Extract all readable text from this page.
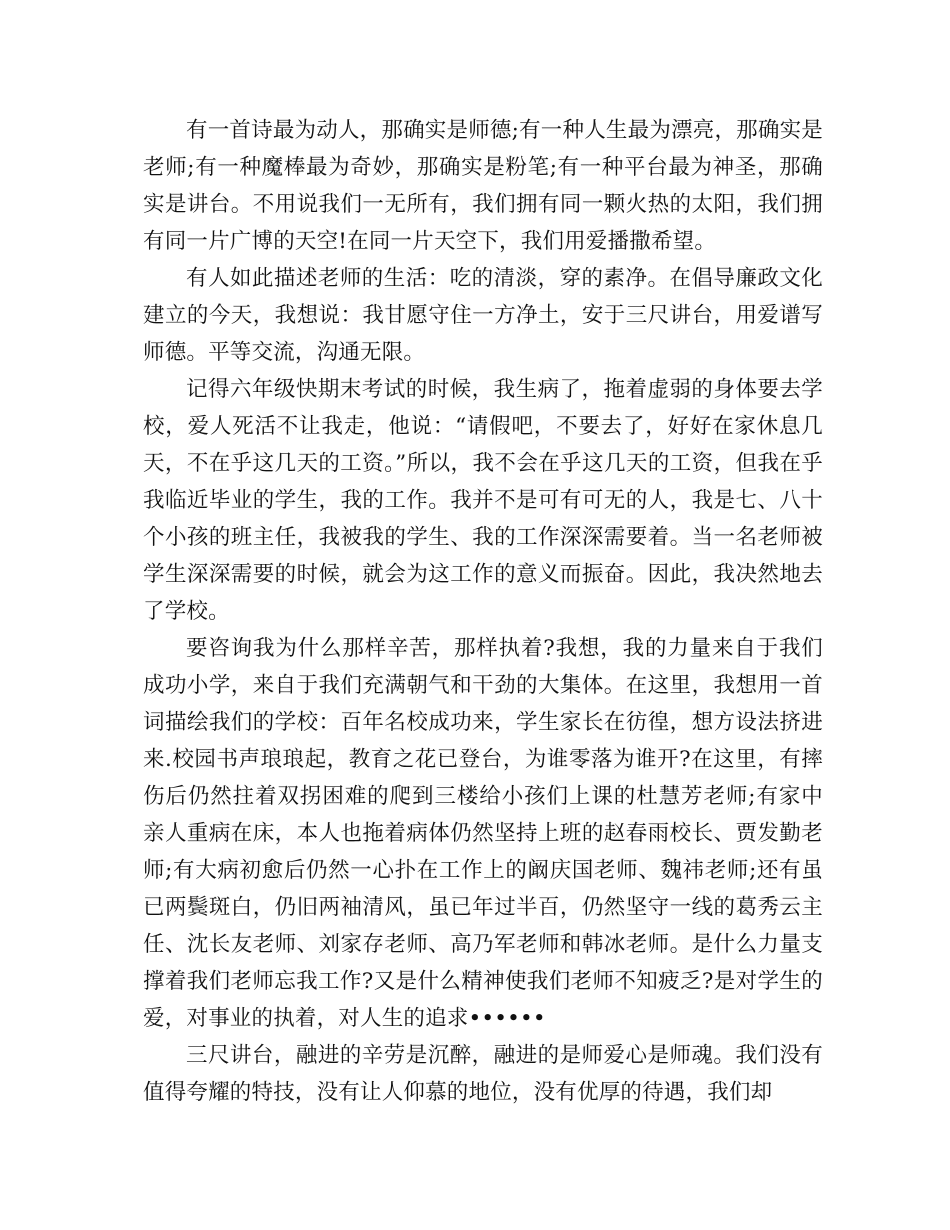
有一首诗最为动人，那确实是师德;有一种人生最为漂亮，那确实是老师;有一种魔棒最为奇妙，那确实是粉笔;有一种平台最为神圣，那确实是讲台。不用说我们一无所有，我们拥有同一颗火热的太阳，我们拥有同一片广博的天空!在同一片天空下，我们用爱播撒希望。

有人如此描述老师的生活：吃的清淡，穿的素净。在倡导廉政文化建立的今天，我想说：我甘愿守住一方净土，安于三尺讲台，用爱谱写师德。平等交流，沟通无限。

记得六年级快期末考试的时候，我生病了，拖着虚弱的身体要去学校，爱人死活不让我走，他说：“请假吧，不要去了，好好在家休息几天，不在乎这几天的工资。”所以，我不会在乎这几天的工资，但我在乎我临近毕业的学生，我的工作。我并不是可有可无的人，我是七、八十个小孩的班主任，我被我的学生、我的工作深深需要着。当一名老师被学生深深需要的时候，就会为这工作的意义而振奋。因此，我决然地去了学校。

要咨询我为什么那样辛苦，那样执着?我想，我的力量来自于我们成功小学，来自于我们充满朝气和干劲的大集体。在这里，我想用一首词描绘我们的学校：百年名校成功来，学生家长在彷徨，想方设法挤进来.校园书声琅琅起，教育之花已登台，为谁零落为谁开?在这里，有摔伤后仍然拄着双拐困难的爬到三楼给小孩们上课的杜慧芳老师;有家中亲人重病在床，本人也拖着病体仍然坚持上班的赵春雨校长、贾发勤老师;有大病初愈后仍然一心扑在工作上的阚庆国老师、魏祎老师;还有虽已两鬓斑白，仍旧两袖清风，虽已年过半百，仍然坚守一线的葛秀云主任、沈长友老师、刘家存老师、高乃军老师和韩冰老师。是什么力量支撑着我们老师忘我工作?又是什么精神使我们老师不知疲乏?是对学生的爱，对事业的执着，对人生的追求••••••

三尺讲台，融进的辛劳是沉醉，融进的是师爱心是师魂。我们没有值得夸耀的特技，没有让人仰慕的地位，没有优厚的待遇，我们却
